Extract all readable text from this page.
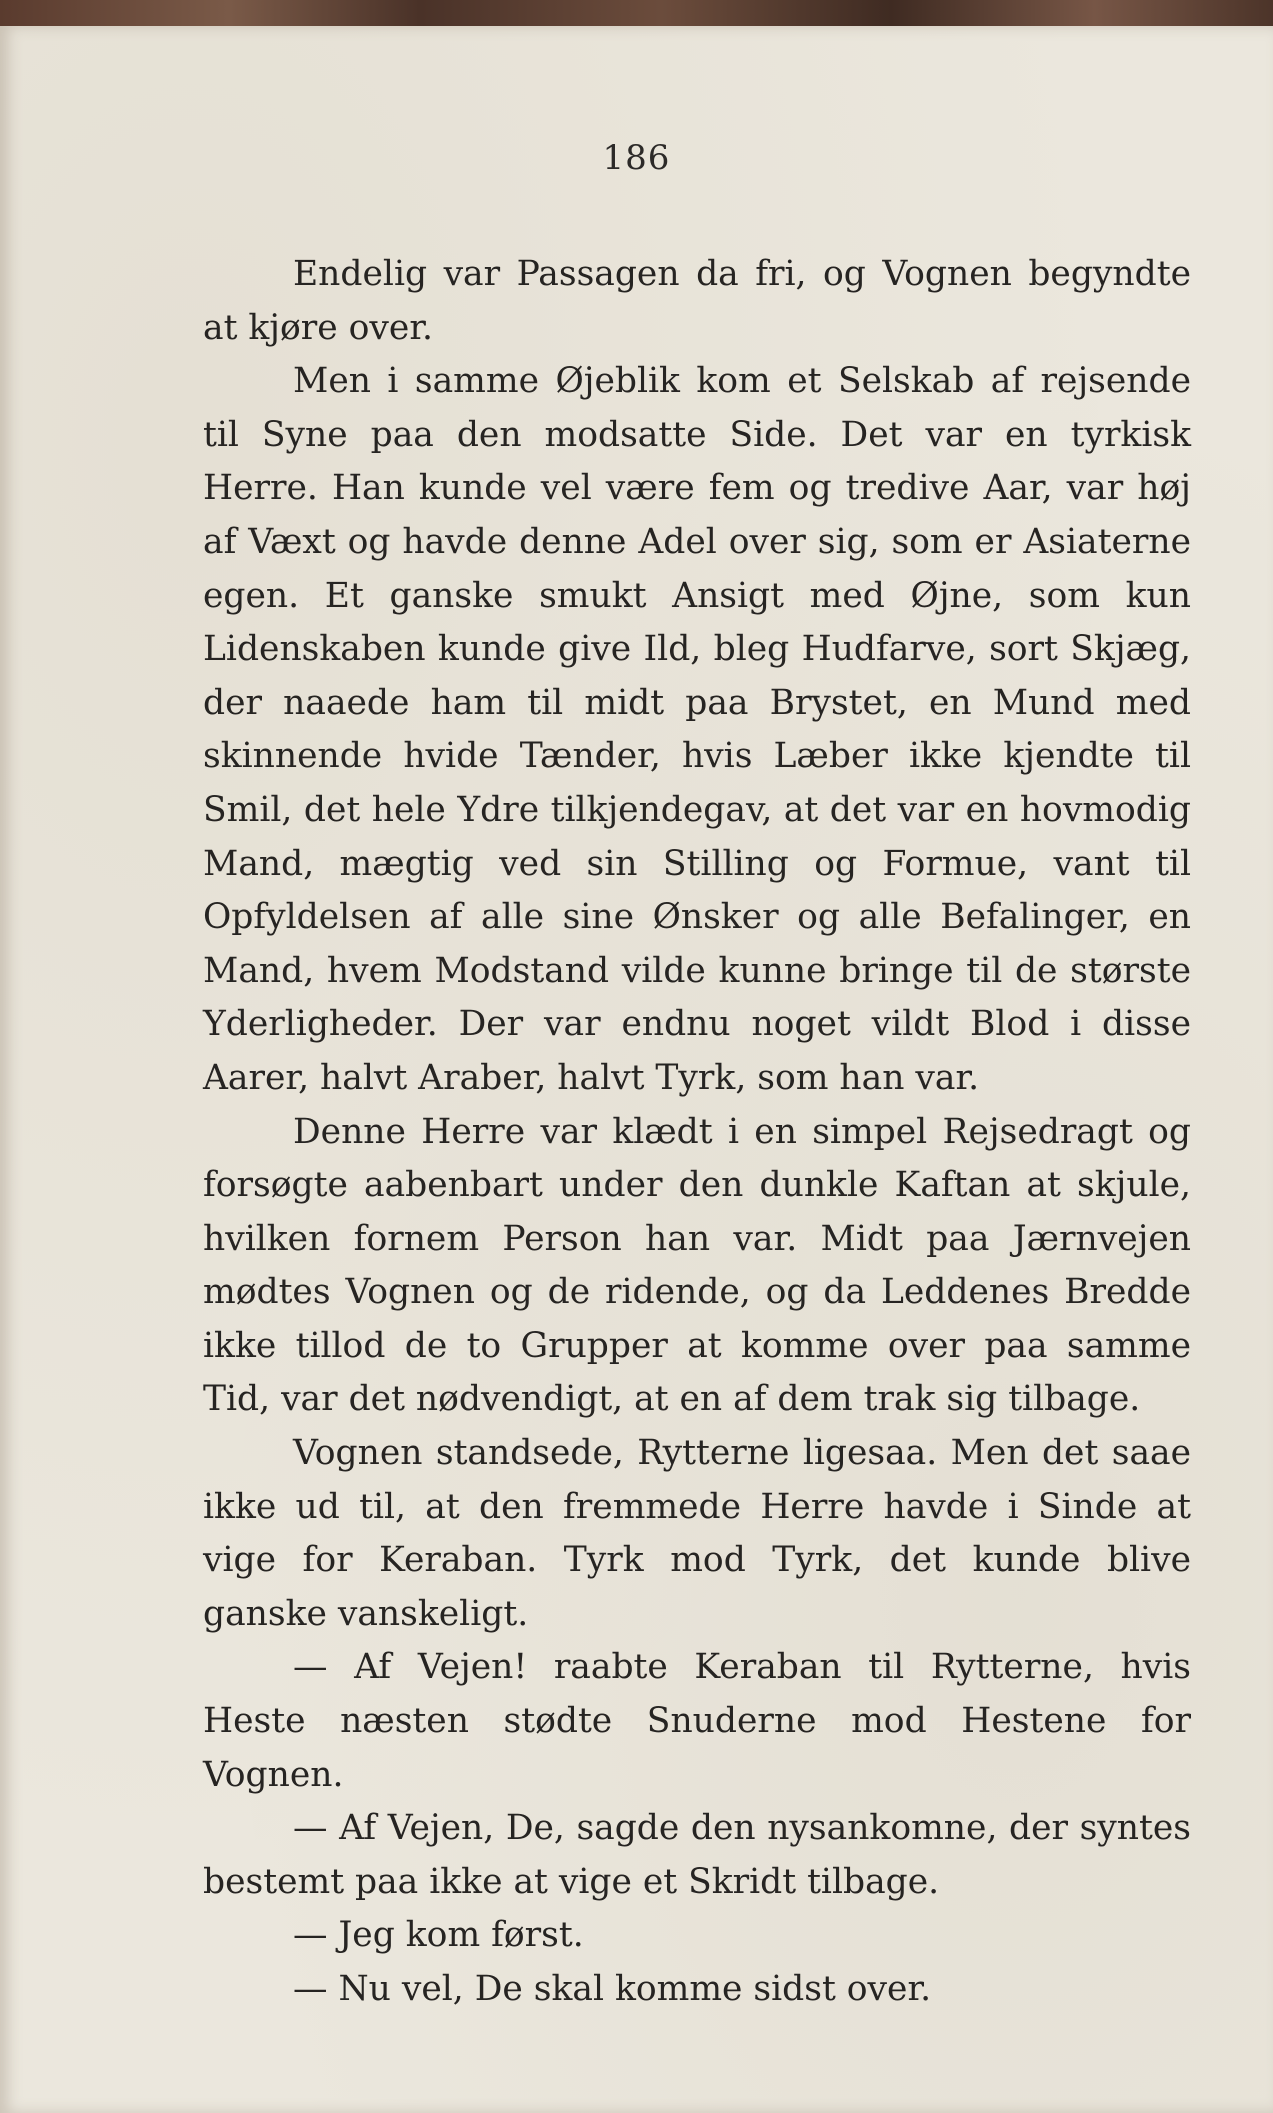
186

Endelig var Passagen da fri, og Vognen begyndte at kjøre over.

Men i samme Øjeblik kom et Selskab af rejsende til Syne paa den modsatte Side. Det var en tyrkisk Herre. Han kunde vel være fem og tredive Aar, var høj af Væxt og havde denne Adel over sig, som er Asiaterne egen. Et ganske smukt Ansigt med Øjne, som kun Lidenskaben kunde give Ild, bleg Hudfarve, sort Skjæg, der naaede ham til midt paa Brystet, en Mund med skinnende hvide Tænder, hvis Læber ikke kjendte til Smil, det hele Ydre tilkjendegav, at det var en hovmodig Mand, mægtig ved sin Stilling og Formue, vant til Opfyldelsen af alle sine Ønsker og alle Befalinger, en Mand, hvem Modstand vilde kunne bringe til de største Yderligheder. Der var endnu noget vildt Blod i disse Aarer, halvt Araber, halvt Tyrk, som han var.

Denne Herre var klædt i en simpel Rejsedragt og forsøgte aabenbart under den dunkle Kaftan at skjule, hvilken fornem Person han var. Midt paa Jærnvejen mødtes Vognen og de ridende, og da Leddenes Bredde ikke tillod de to Grupper at komme over paa samme Tid, var det nødvendigt, at en af dem trak sig tilbage.

Vognen standsede, Rytterne ligesaa. Men det saae ikke ud til, at den fremmede Herre havde i Sinde at vige for Keraban. Tyrk mod Tyrk, det kunde blive ganske vanskeligt.

— Af Vejen! raabte Keraban til Rytterne, hvis Heste næsten stødte Snuderne mod Hestene for Vognen.

— Af Vejen, De, sagde den nysankomne, der syntes bestemt paa ikke at vige et Skridt tilbage.

— Jeg kom først.

— Nu vel, De skal komme sidst over.
